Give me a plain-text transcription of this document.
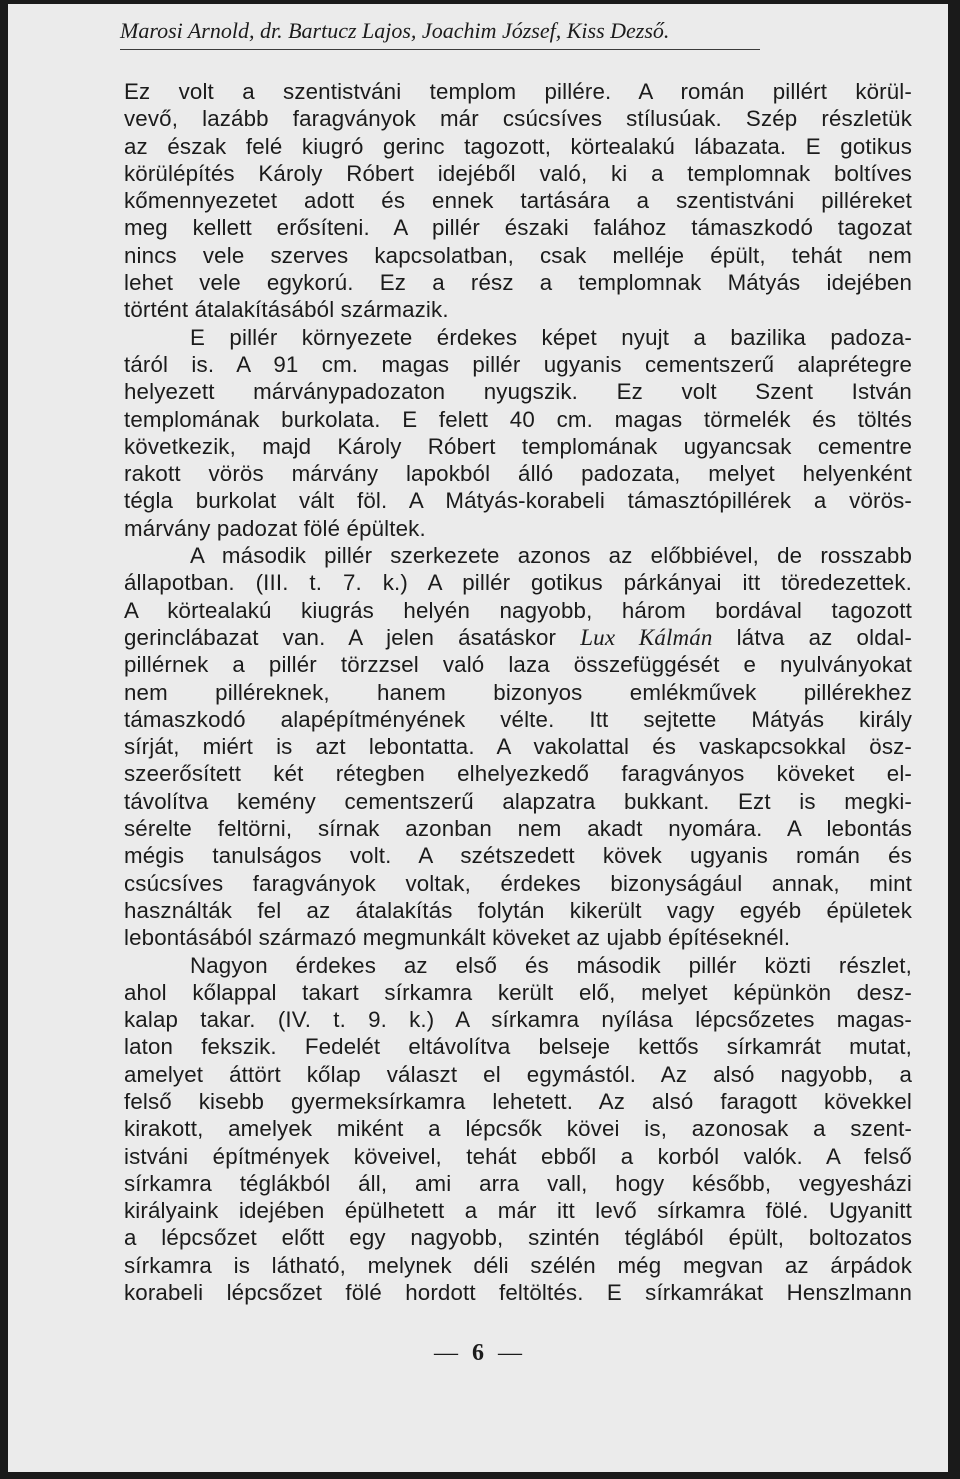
Marosi Arnold, dr. Bartucz Lajos, Joachim József, Kiss Dezső.
Ez volt a szentistváni templom pillére. A román pillért körül-
vevő, lazább faragványok már csúcsíves stílusúak. Szép részletük
az észak felé kiugró gerinc tagozott, körtealakú lábazata. E gotikus
körülépítés Károly Róbert idejéből való, ki a templomnak boltíves
kőmennyezetet adott és ennek tartására a szentistváni pilléreket
meg kellett erősíteni. A pillér északi falához támaszkodó tagozat
nincs vele szerves kapcsolatban, csak melléje épült, tehát nem
lehet vele egykorú. Ez a rész a templomnak Mátyás idejében
történt átalakításából származik.
E pillér környezete érdekes képet nyujt a bazilika padoza-
táról is. A 91 cm. magas pillér ugyanis cementszerű alaprétegre
helyezett márványpadozaton nyugszik. Ez volt Szent István
templomának burkolata. E felett 40 cm. magas törmelék és töltés
következik, majd Károly Róbert templomának ugyancsak cementre
rakott vörös márvány lapokból álló padozata, melyet helyenként
tégla burkolat vált föl. A Mátyás-korabeli támasztópillérek a vörös-
márvány padozat fölé épültek.
A második pillér szerkezete azonos az előbbiével, de rosszabb
állapotban. (III. t. 7. k.) A pillér gotikus párkányai itt töredezettek.
A körtealakú kiugrás helyén nagyobb, három bordával tagozott
gerinclábazat van. A jelen ásatáskor Lux Kálmán látva az oldal-
pillérnek a pillér törzzsel való laza összefüggését e nyulványokat
nem pilléreknek, hanem bizonyos emlékművek pillérekhez
támaszkodó alapépítményének vélte. Itt sejtette Mátyás király
sírját, miért is azt lebontatta. A vakolattal és vaskapcsokkal ösz-
szeerősített két rétegben elhelyezkedő faragványos köveket el-
távolítva kemény cementszerű alapzatra bukkant. Ezt is megki-
sérelte feltörni, sírnak azonban nem akadt nyomára. A lebontás
mégis tanulságos volt. A szétszedett kövek ugyanis román és
csúcsíves faragványok voltak, érdekes bizonyságául annak, mint
használták fel az átalakítás folytán kikerült vagy egyéb épületek
lebontásából származó megmunkált köveket az ujabb építéseknél.
Nagyon érdekes az első és második pillér közti részlet,
ahol kőlappal takart sírkamra került elő, melyet képünkön desz-
kalap takar. (IV. t. 9. k.) A sírkamra nyílása lépcsőzetes magas-
laton fekszik. Fedelét eltávolítva belseje kettős sírkamrát mutat,
amelyet áttört kőlap választ el egymástól. Az alsó nagyobb, a
felső kisebb gyermeksírkamra lehetett. Az alsó faragott kövekkel
kirakott, amelyek miként a lépcsők kövei is, azonosak a szent-
istváni építmények köveivel, tehát ebből a korból valók. A felső
sírkamra téglákból áll, ami arra vall, hogy később, vegyesházi
királyaink idejében épülhetett a már itt levő sírkamra fölé. Ugyanitt
a lépcsőzet előtt egy nagyobb, szintén téglából épült, boltozatos
sírkamra is látható, melynek déli szélén még megvan az árpádok
korabeli lépcsőzet fölé hordott feltöltés. E sírkamrákat Henszlmann
— 6 —
